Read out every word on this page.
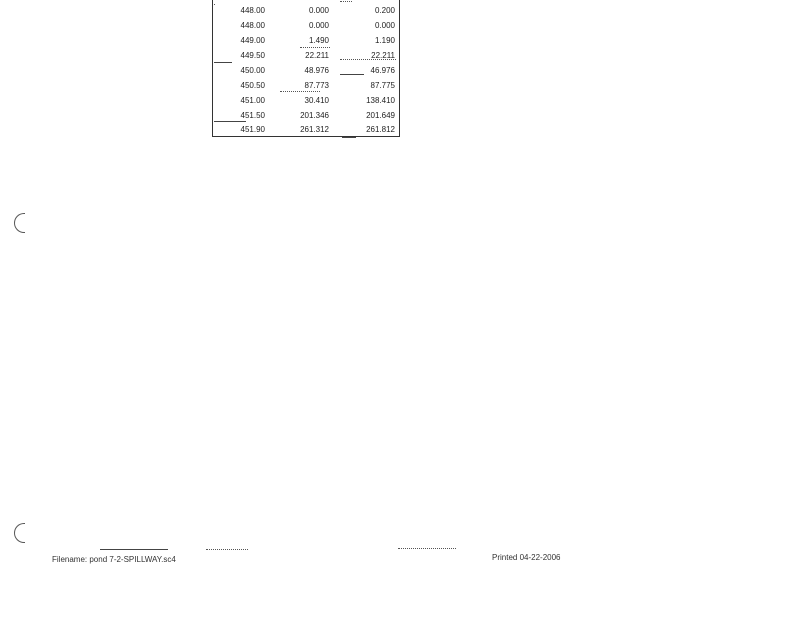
448.00	0.000	0.200
448.00	0.000	0.000
449.00	1.490	1.190
449.50	22.211	22.211
450.00	48.976	46.976
450.50	87.773	87.775
451.00	30.410	138.410
451.50	201.346	201.649
451.90	261.312	261.812
Filename: pond 7-2-SPILLWAY.sc4	Printed 04-22-2006
